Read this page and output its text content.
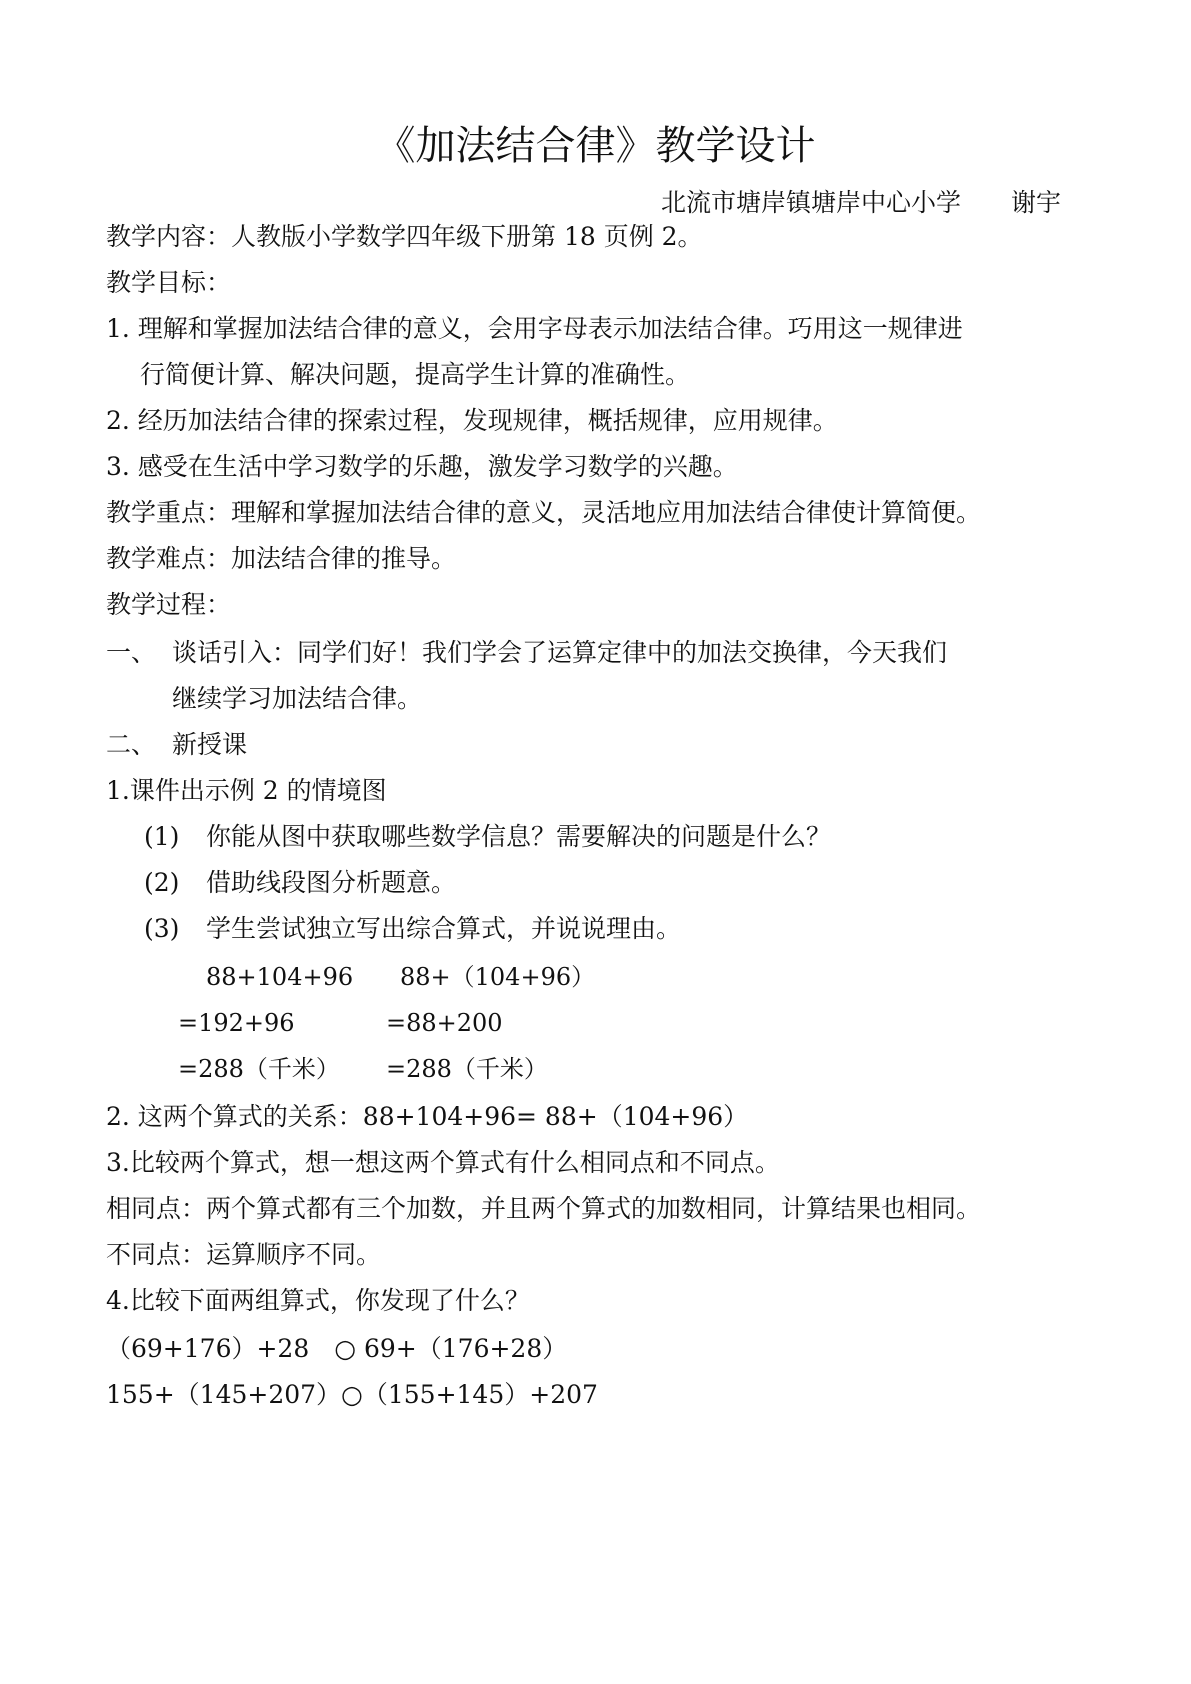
《加法结合律》教学设计
北流市塘岸镇塘岸中心小学　　谢宇
教学内容：人教版小学数学四年级下册第 18 页例 2。
教学目标：
1. 理解和掌握加法结合律的意义，会用字母表示加法结合律。巧用这一规律进
行简便计算、解决问题，提高学生计算的准确性。
2. 经历加法结合律的探索过程，发现规律，概括规律，应用规律。
3. 感受在生活中学习数学的乐趣，激发学习数学的兴趣。
教学重点：理解和掌握加法结合律的意义，灵活地应用加法结合律使计算简便。
教学难点：加法结合律的推导。
教学过程：
一、 谈话引入：同学们好！我们学会了运算定律中的加法交换律，今天我们
继续学习加法结合律。
二、 新授课
1.课件出示例 2 的情境图
(1) 你能从图中获取哪些数学信息？需要解决的问题是什么？
(2) 借助线段图分析题意。
(3) 学生尝试独立写出综合算式，并说说理由。
88+104+96
=192+96
=288（千米）
88+（104+96）
=88+200
=288（千米）
2. 这两个算式的关系：88+104+96= 88+（104+96）
3.比较两个算式，想一想这两个算式有什么相同点和不同点。
相同点：两个算式都有三个加数，并且两个算式的加数相同，计算结果也相同。
不同点：运算顺序不同。
4.比较下面两组算式，你发现了什么？
（69+176）+28　○ 69+（176+28）
155+（145+207）○（155+145）+207
